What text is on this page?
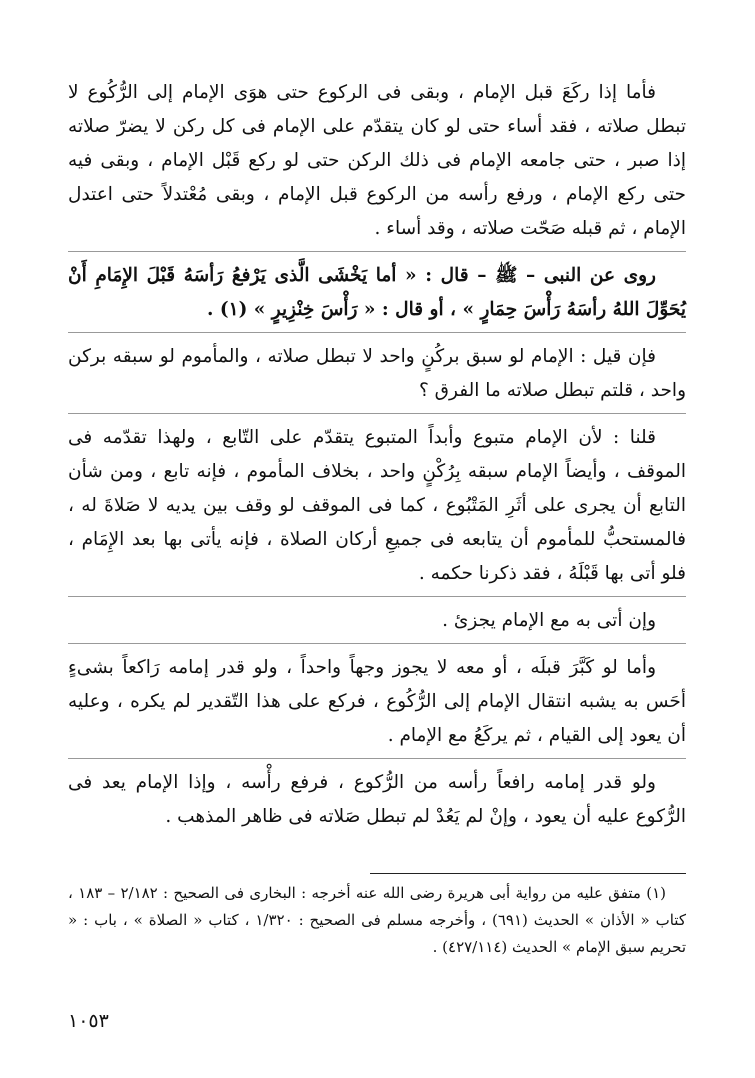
فأما إذا ركَعَ قبل الإمام ، وبقى فى الركوع حتى هوَى الإمام إلى الرُّكُوع لا تبطل صلاته ، فقد أساء حتى لو كان يتقدّم على الإمام فى كل ركن لا يضرّ صلاته إذا صبر ، حتى جامعه الإمام فى ذلك الركن حتى لو ركع قَبْل الإمام ، وبقى فيه حتى ركع الإمام ، ورفع رأسه من الركوع قبل الإمام ، وبقى مُعْتدلاً حتى اعتدل الإمام ، ثم قبله صَحّت صلاته ، وقد أساء .

روى عن النبى – ﷺ – قال : « أما يَخْشَى الَّذى يَرْفعُ رَأسَهُ قَبْلَ الإِمَامِ أَنْ يُحَوِّلَ اللهُ رأسَهُ رَأْسَ حِمَارٍ » ، أو قال : « رَأْسَ خِنْزِيرٍ » (١) .

فإن قيل : الإمام لو سبق بركُنٍ واحد لا تبطل صلاته ، والمأموم لو سبقه بركن واحد ، قلتم تبطل صلاته ما الفرق ؟

قلنا : لأن الإمام متبوع وأبداً المتبوع يتقدّم على التّابع ، ولهذا تقدّمه فى الموقف ، وأيضاً الإمام سبقه بِرُكْنٍ واحد ، بخلاف المأموم ، فإنه تابع ، ومن شأن التابع أن يجرى على أثَرِ المَتْبُوع ، كما فى الموقف لو وقف بين يديه لا صَلاةَ له ، فالمستحبُّ للمأموم أن يتابعه فى جميعِ أركان الصلاة ، فإنه يأتى بها بعد الإِمَام ، فلو أتى بها قَبْلَهُ ، فقد ذكرنا حكمه .

وإن أتى به مع الإمام يجزئ .

وأما لو كَبَّرَ قبلَه ، أو معه لا يجوز وجهاً واحداً ، ولو قدر إمامه رَاكعاً بشىءٍ أحَس به يشبه انتقال الإمام إلى الرُّكُوع ، فركع على هذا التّقدير لم يكره ، وعليه أن يعود إلى القيام ، ثم يركَعُ مع الإمام .

ولو قدر إمامه رافعاً رأسه من الرُّكوع ، فرفع رأْسه ، وإذا الإمام يعد فى الرُّكوع عليه أن يعود ، وإنْ لم يَعُدْ لم تبطل صَلاته فى ظاهر المذهب .

(١) متفق عليه من رواية أبى هريرة رضى الله عنه أخرجه : البخارى فى الصحيح : ٢/١٨٢ – ١٨٣ ، كتاب « الأذان » الحديث (٦٩١) ، وأخرجه مسلم فى الصحيح : ١/٣٢٠ ، كتاب « الصلاة » ، باب : « تحريم سبق الإمام » الحديث (٤٢٧/١١٤) .

١٠٥٣
